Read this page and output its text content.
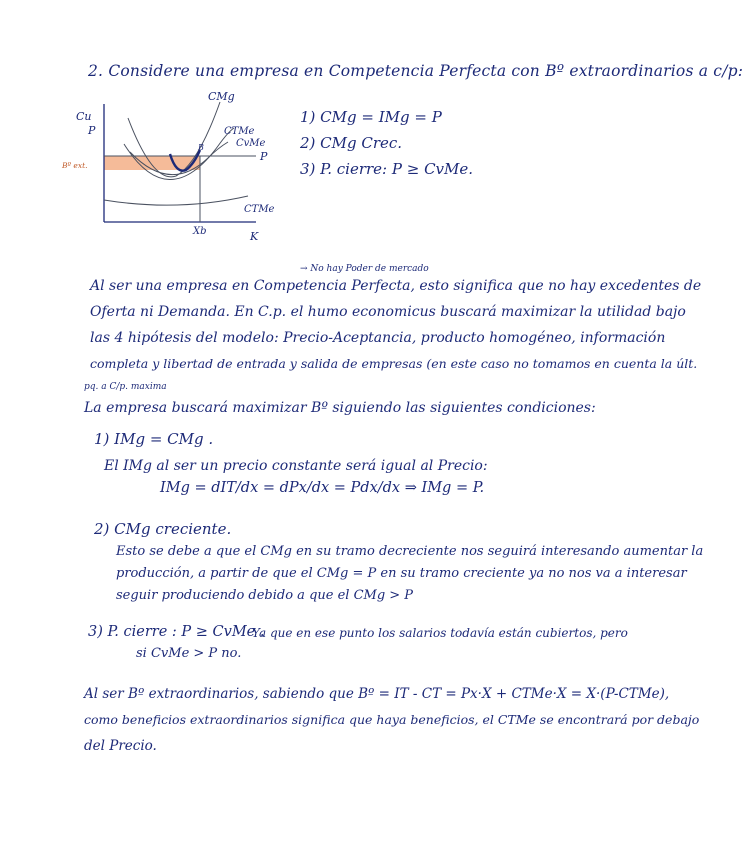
2. Considere una empresa en Competencia Perfecta con Bº extraordinarios a c/p:
Cu
P
CMg
CTMe
CvMe
P
B
Bº ext.
CTMe
Xb	K
1) CMg = IMg = P
2) CMg Crec.
3) P. cierre: P ≥ CvMe.
→ No hay Poder de mercado
Al ser una empresa en Competencia Perfecta, esto significa que no hay excedentes de
Oferta ni Demanda. En C.p. el humo economicus buscará maximizar la utilidad bajo
las 4 hipótesis del modelo: Precio-Aceptancia, producto homogéneo, información
completa y libertad de entrada y salida de empresas (en este caso no tomamos en cuenta la últ.
pq. a C/p. maxima
La empresa buscará maximizar Bº siguiendo las siguientes condiciones:
1) IMg = CMg .
El IMg al ser un precio constante será igual al Precio:
IMg = dIT/dx = dPx/dx = Pdx/dx ⇒ IMg = P.
2) CMg creciente.
Esto se debe a que el CMg en su tramo decreciente nos seguirá interesando aumentar la
producción, a partir de que el CMg = P en su tramo creciente ya no nos va a interesar
seguir produciendo debido a que el CMg > P
3) P. cierre : P ≥ CvMe .
Ya que en ese punto los salarios todavía están cubiertos, pero
si CvMe > P no.
Al ser Bº extraordinarios, sabiendo que Bº = IT - CT = Px·X + CTMe·X = X·(P-CTMe),
como beneficios extraordinarios significa que haya beneficios, el CTMe se encontrará por debajo
del Precio.
